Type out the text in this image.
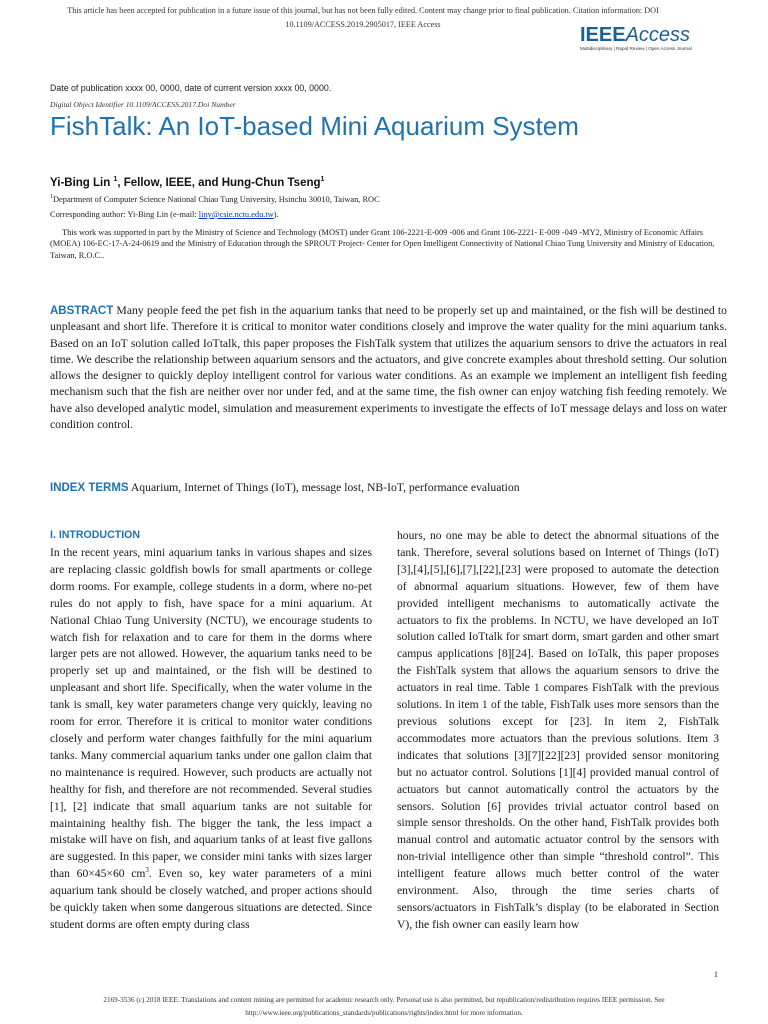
This article has been accepted for publication in a future issue of this journal, but has not been fully edited. Content may change prior to final publication. Citation information: DOI
10.1109/ACCESS.2019.2905017, IEEE Access	IEEEAccess
Multidisciplinary | Rapid Review | Open Access Journal
Date of publication xxxx 00, 0000, date of current version xxxx 00, 0000.
Digital Object Identifier 10.1109/ACCESS.2017.Doi Number
FishTalk: An IoT-based Mini Aquarium System
Yi-Bing Lin $^1$, Fellow, IEEE, and Hung-Chun Tseng$^1$
$^1$Department of Computer Science National Chiao Tung University, Hsinchu 30010, Taiwan, ROC
Corresponding author: Yi-Bing Lin (e-mail: liny@csie.nctu.edu.tw).

This work was supported in part by the Ministry of Science and Technology (MOST) under Grant 106-2221-E-009 -006 and Grant 106-2221- E-009 -049 -MY2, Ministry of Economic Affairs (MOEA) 106-EC-17-A-24-0619 and the Ministry of Education through the SPROUT Project- Center for Open Intelligent Connectivity of National Chiao Tung University and Ministry of Education, Taiwan, R.O.C..

ABSTRACT Many people feed the pet fish in the aquarium tanks that need to be properly set up and maintained, or the fish will be destined to unpleasant and short life. Therefore it is critical to monitor water conditions closely and improve the water quality for the mini aquarium tanks. Based on an IoT solution called IoTtalk, this paper proposes the FishTalk system that utilizes the aquarium sensors to drive the actuators in real time. We describe the relationship between aquarium sensors and the actuators, and give concrete examples about threshold setting. Our solution allows the designer to quickly deploy intelligent control for various water conditions. As an example we implement an intelligent fish feeding mechanism such that the fish are neither over nor under fed, and at the same time, the fish owner can enjoy watching fish feeding remotely. We have also developed analytic model, simulation and measurement experiments to investigate the effects of IoT message delays and loss on water condition control.

INDEX TERMS Aquarium, Internet of Things (IoT), message lost, NB-IoT, performance evaluation

I. INTRODUCTION

In the recent years, mini aquarium tanks in various shapes and sizes are replacing classic goldfish bowls for small apartments or college dorm rooms. For example, college students in a dorm, where no-pet rules do not apply to fish, have space for a mini aquarium. At National Chiao Tung University (NCTU), we encourage students to watch fish for relaxation and to care for them in the dorms where larger pets are not allowed. However, the aquarium tanks need to be properly set up and maintained, or the fish will be destined to unpleasant and short life. Specifically, when the water volume in the tank is small, key water parameters change very quickly, leaving no room for error. Therefore it is critical to monitor water conditions closely and perform water changes faithfully for the mini aquarium tanks. Many commercial aquarium tanks under one gallon claim that no maintenance is required. However, such products are actually not healthy for fish, and therefore are not recommended. Several studies [1], [2] indicate that small aquarium tanks are not suitable for maintaining healthy fish. The bigger the tank, the less impact a mistake will have on fish, and aquarium tanks of at least five gallons are suggested. In this paper, we consider mini tanks with sizes larger than 60×45×60 $cm^3$. Even so, key water parameters of a mini aquarium tank should be closely watched, and proper actions should be quickly taken when some dangerous situations are detected. Since student dorms are often empty during class

hours, no one may be able to detect the abnormal situations of the tank. Therefore, several solutions based on Internet of Things (IoT) [3],[4],[5],[6],[7],[22],[23] were proposed to automate the detection of abnormal aquarium situations. However, few of them have provided intelligent mechanisms to automatically activate the actuators to fix the problems. In NCTU, we have developed an IoT solution called IoTtalk for smart dorm, smart garden and other smart campus applications [8][24]. Based on IoTalk, this paper proposes the FishTalk system that allows the aquarium sensors to drive the actuators in real time. Table 1 compares FishTalk with the previous solutions. In item 1 of the table, FishTalk uses more sensors than the previous solutions except for [23]. In item 2, FishTalk accommodates more actuators than the previous solutions. Item 3 indicates that solutions [3][7][22][23] provided sensor monitoring but no actuator control. Solutions [1][4] provided manual control of actuators but cannot automatically control the actuators by the sensors. Solution [6] provides trivial actuator control based on simple sensor thresholds. On the other hand, FishTalk provides both manual control and automatic actuator control by the sensors with non-trivial intelligence other than simple “threshold control”. This intelligent feature allows much better control of the water environment. Also, through the time series charts of sensors/actuators in FishTalk’s display (to be elaborated in Section V), the fish owner can easily learn how

1
2169-3536 (c) 2018 IEEE. Translations and content mining are permitted for academic research only. Personal use is also permitted, but republication/redistribution requires IEEE permission. See
http://www.ieee.org/publications_standards/publications/rights/index.html for more information.
